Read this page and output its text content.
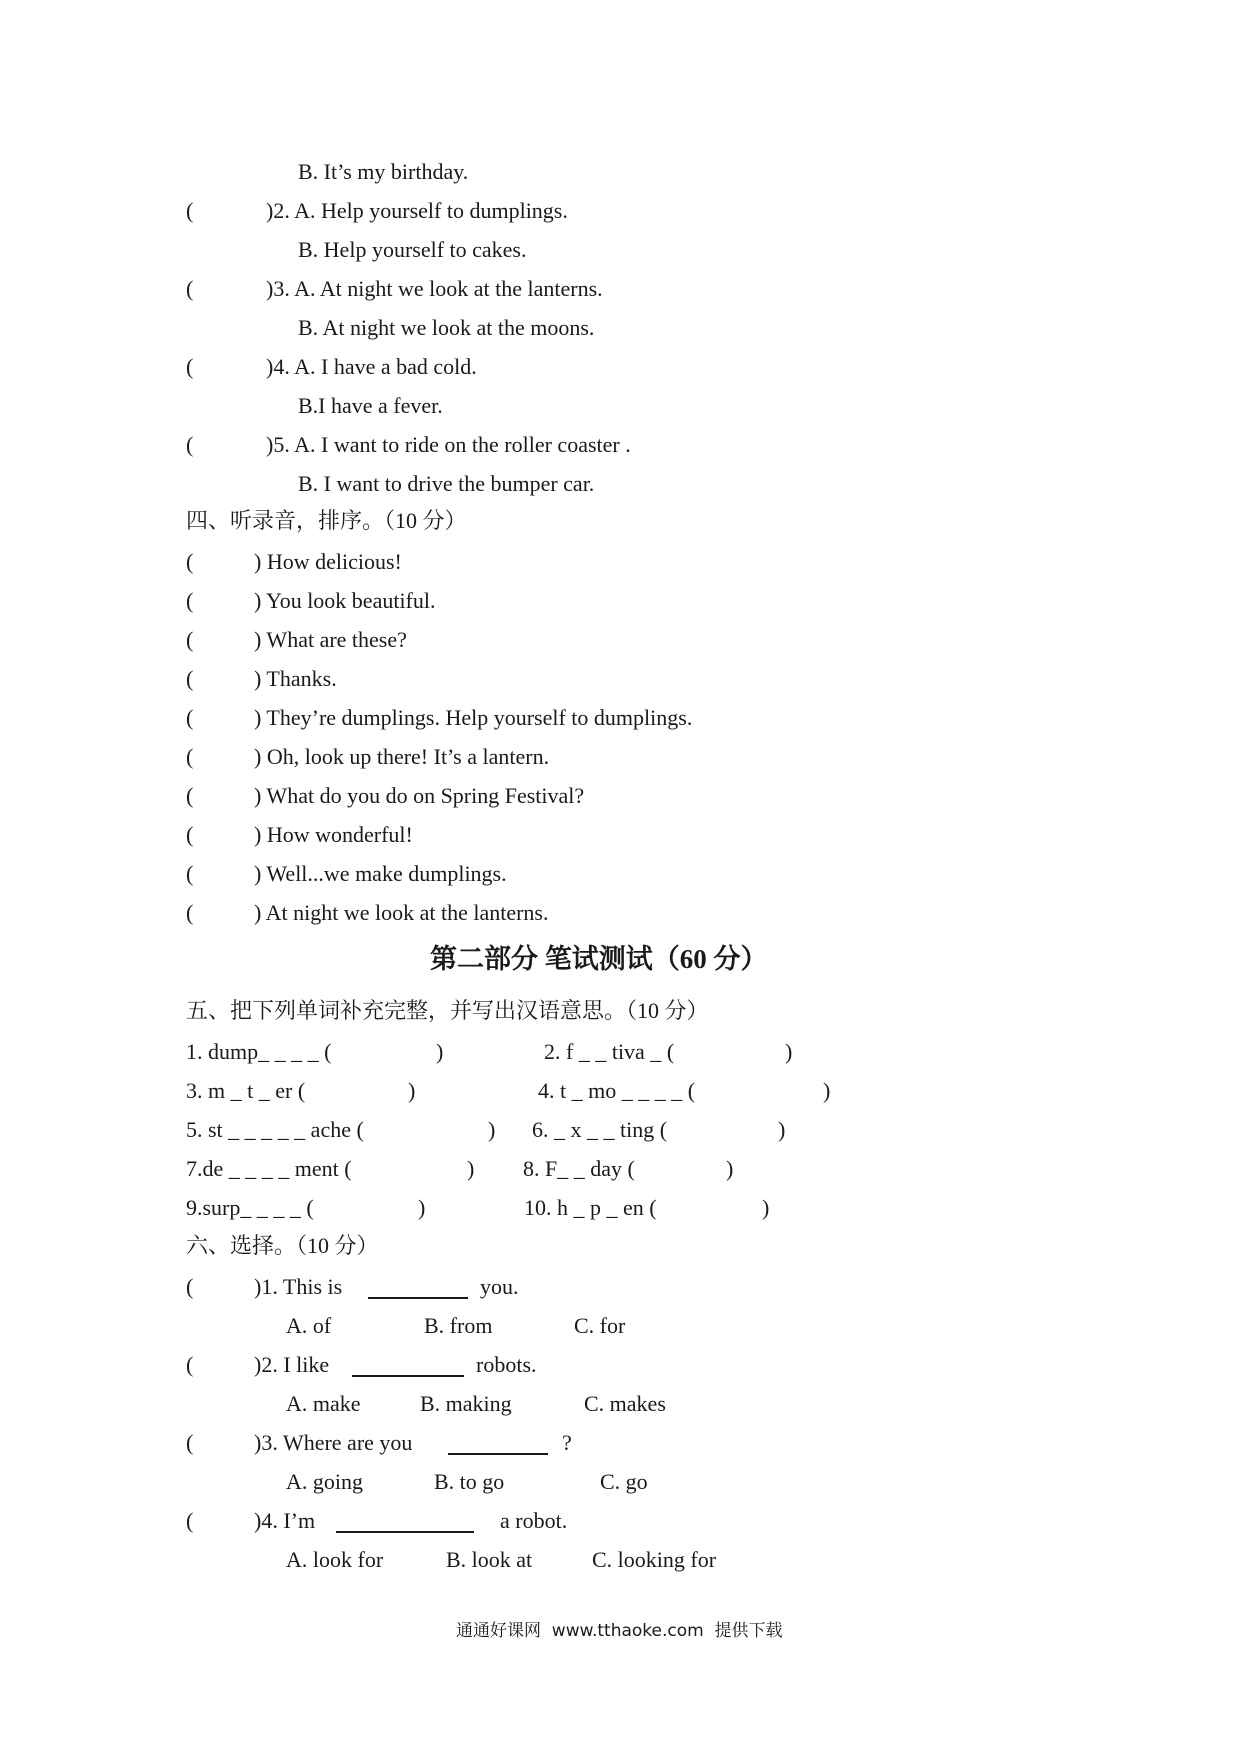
B. It’s my birthday.
(	)2. A. Help yourself to dumplings.
B. Help yourself to cakes.
(	)3. A. At night we look at the lanterns.
B. At night we look at the moons.
(	)4. A. I have a bad cold.
B.I have a fever.
(	)5. A. I want to ride on the roller coaster .
B. I want to drive the bumper car.
四、听录音，排序。（10 分）
(	) How delicious!
(	) You look beautiful.
(	) What are these?
(	) Thanks.
(	) They’re dumplings. Help yourself to dumplings.
(	) Oh, look up there! It’s a lantern.
(	) What do you do on Spring Festival?
(	) How wonderful!
(	) Well...we make dumplings.
(	) At night we look at the lanterns.
第二部分 笔试测试（60 分）
五、把下列单词补充完整，并写出汉语意思。（10 分）
1. dump_ _ _ _ (	)	2. f _ _ tiva _ (	)
3. m _ t _ er (	)	4. t _ mo _ _ _ _ (	)
5. st _ _ _ _ _ ache (	) 6. _ x _ _ ting (	)
7.de _ _ _ _ ment (	) 8. F_ _ day (	)
9.surp_ _ _ _ (	)	10. h _ p _ en (	)
六、选择。（10 分）
(	)1. This is	you.
A. of	B. from	C. for
(	)2. I like	robots.
A. make	B. making	C. makes
(	)3. Where are you	?
A. going	B. to go	C. go
(	)4. I’m	a robot.
A. look for	B. look at	C. looking for
通通好课网  www.tthaoke.com  提供下载
